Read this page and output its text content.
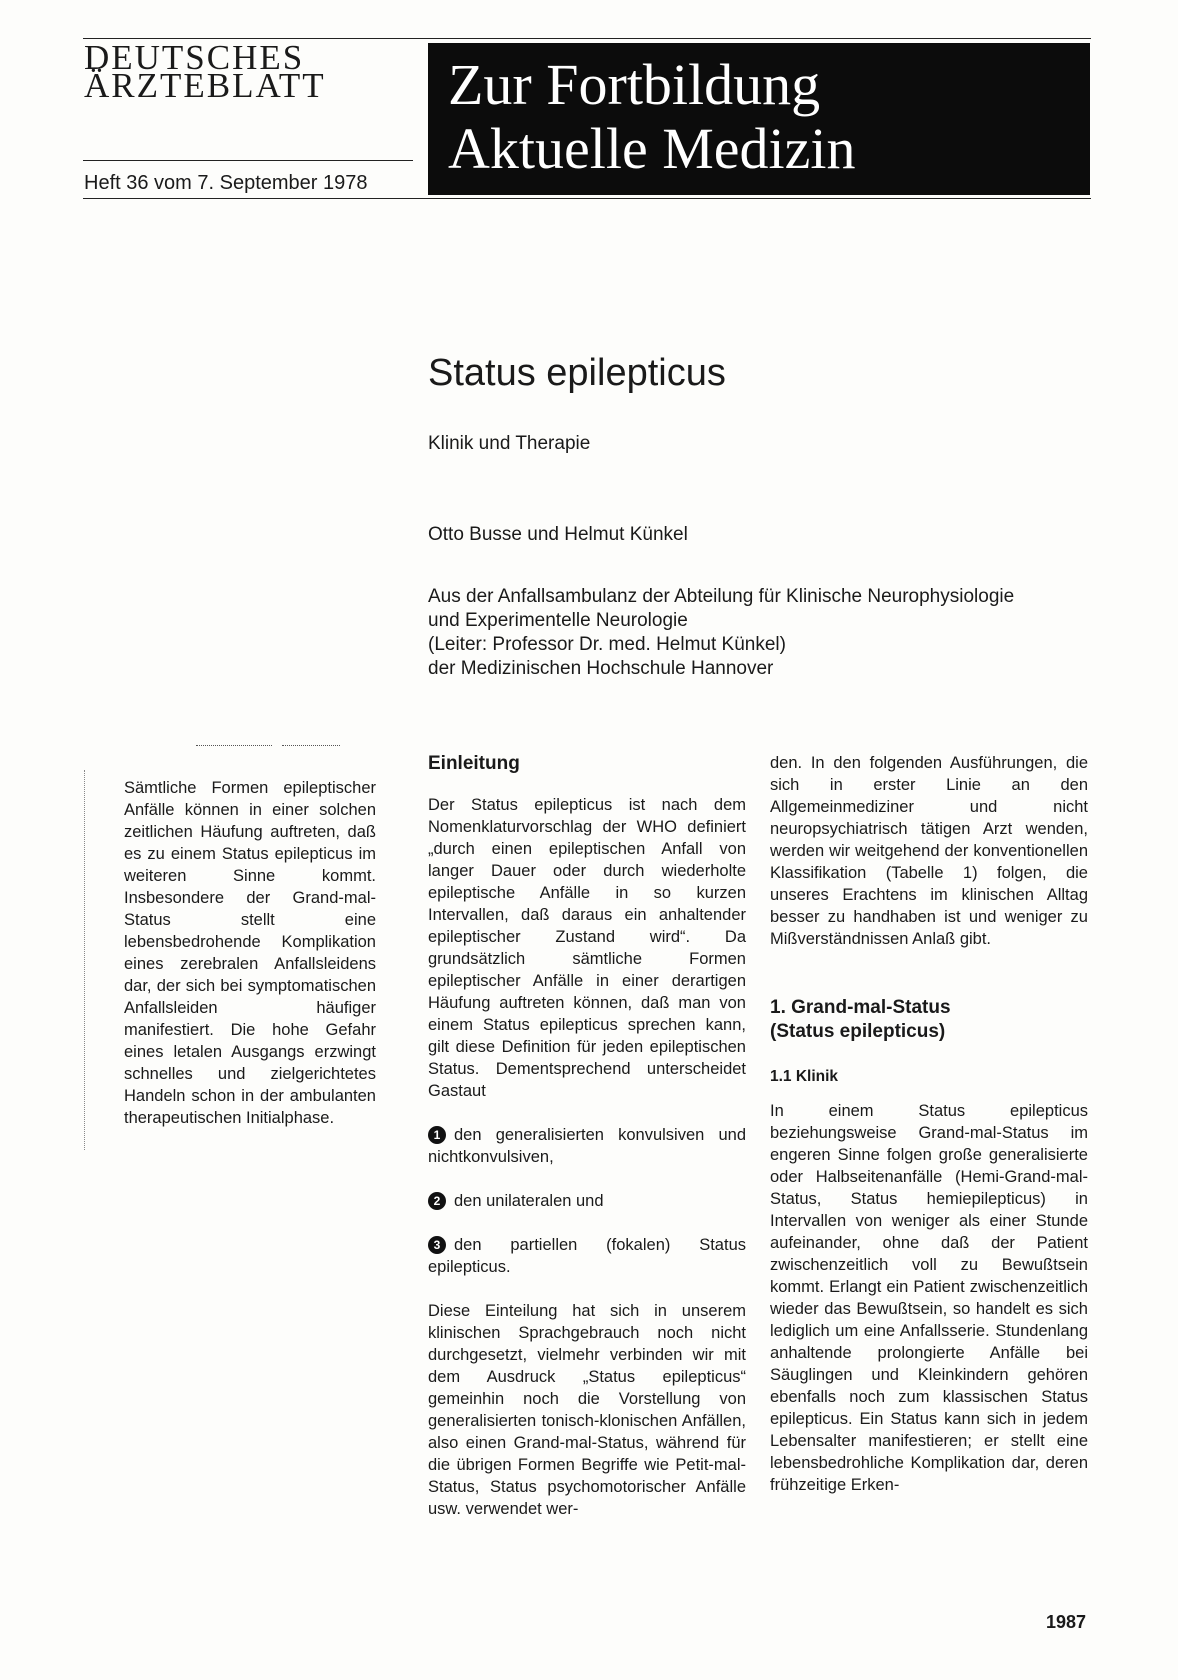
DEUTSCHES
ÄRZTEBLATT
Heft 36 vom 7. September 1978
Zur Fortbildung
Aktuelle Medizin
Status epilepticus
Klinik und Therapie
Otto Busse und Helmut Künkel
Aus der Anfallsambulanz der Abteilung für Klinische Neurophysiologie
und Experimentelle Neurologie
(Leiter: Professor Dr. med. Helmut Künkel)
der Medizinischen Hochschule Hannover
Sämtliche Formen epileptischer Anfälle können in einer solchen zeitlichen Häufung auftreten, daß es zu einem Status epilepticus im weiteren Sinne kommt. Insbesondere der Grand-mal-Status stellt eine lebensbedrohende Komplikation eines zerebralen Anfallsleidens dar, der sich bei symptomatischen Anfallsleiden häufiger manifestiert. Die hohe Gefahr eines letalen Ausgangs erzwingt schnelles und zielgerichtetes Handeln schon in der ambulanten therapeutischen Initialphase.
Einleitung

Der Status epilepticus ist nach dem Nomenklaturvorschlag der WHO definiert „durch einen epileptischen Anfall von langer Dauer oder durch wiederholte epileptische Anfälle in so kurzen Intervallen, daß daraus ein anhaltender epileptischer Zustand wird“. Da grundsätzlich sämtliche Formen epileptischer Anfälle in einer derartigen Häufung auftreten können, daß man von einem Status epilepticus sprechen kann, gilt diese Definition für jeden epileptischen Status. Dementsprechend unterscheidet Gastaut

1 den generalisierten konvulsiven und nichtkonvulsiven,

2 den unilateralen und

3 den partiellen (fokalen) Status epilepticus.

Diese Einteilung hat sich in unserem klinischen Sprachgebrauch noch nicht durchgesetzt, vielmehr verbinden wir mit dem Ausdruck „Status epilepticus“ gemeinhin noch die Vorstellung von generalisierten tonisch-klonischen Anfällen, also einen Grand-mal-Status, während für die übrigen Formen Begriffe wie Petit-mal-Status, Status psychomotorischer Anfälle usw. verwendet wer-

den. In den folgenden Ausführungen, die sich in erster Linie an den Allgemeinmediziner und nicht neuropsychiatrisch tätigen Arzt wenden, werden wir weitgehend der konventionellen Klassifikation (Tabelle 1) folgen, die unseres Erachtens im klinischen Alltag besser zu handhaben ist und weniger zu Mißverständnissen Anlaß gibt.

1. Grand-mal-Status
(Status epilepticus)
1.1 Klinik

In einem Status epilepticus beziehungsweise Grand-mal-Status im engeren Sinne folgen große generalisierte oder Halbseitenanfälle (Hemi-Grand-mal-Status, Status hemiepilepticus) in Intervallen von weniger als einer Stunde aufeinander, ohne daß der Patient zwischenzeitlich voll zu Bewußtsein kommt. Erlangt ein Patient zwischenzeitlich wieder das Bewußtsein, so handelt es sich lediglich um eine Anfallsserie. Stundenlang anhaltende prolongierte Anfälle bei Säuglingen und Kleinkindern gehören ebenfalls noch zum klassischen Status epilepticus. Ein Status kann sich in jedem Lebensalter manifestieren; er stellt eine lebensbedrohliche Komplikation dar, deren frühzeitige Erken-

1987
